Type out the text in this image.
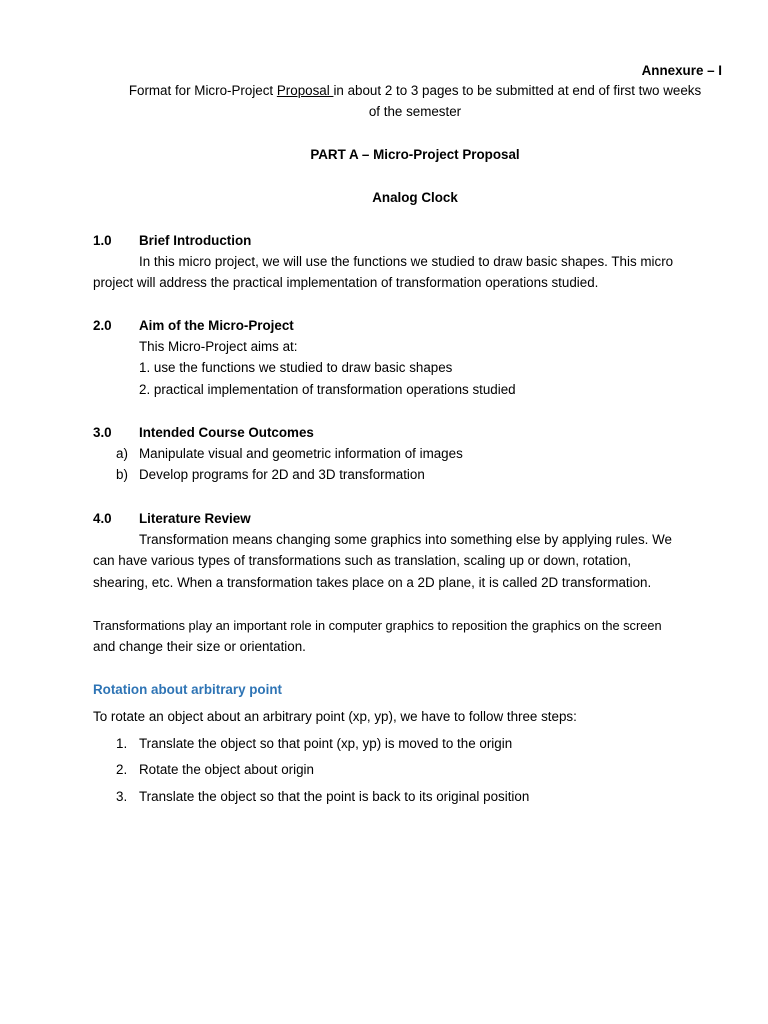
Annexure – I
Format for Micro-Project Proposal in about 2 to 3 pages to be submitted at end of first two weeks
of the semester
PART A – Micro-Project Proposal
Analog Clock
1.0 Brief Introduction
In this micro project, we will use the functions we studied to draw basic shapes. This micro
project will address the practical implementation of transformation operations studied.
2.0 Aim of the Micro-Project
This Micro-Project aims at:
1. use the functions we studied to draw basic shapes
2. practical implementation of transformation operations studied
3.0 Intended Course Outcomes
a) Manipulate visual and geometric information of images
b) Develop programs for 2D and 3D transformation
4.0 Literature Review
Transformation means changing some graphics into something else by applying rules. We
can have various types of transformations such as translation, scaling up or down, rotation,
shearing, etc. When a transformation takes place on a 2D plane, it is called 2D transformation.
Transformations play an important role in computer graphics to reposition the graphics on the screen
and change their size or orientation.
Rotation about arbitrary point
To rotate an object about an arbitrary point (xp, yp), we have to follow three steps:
1. Translate the object so that point (xp, yp) is moved to the origin
2. Rotate the object about origin
3. Translate the object so that the point is back to its original position
